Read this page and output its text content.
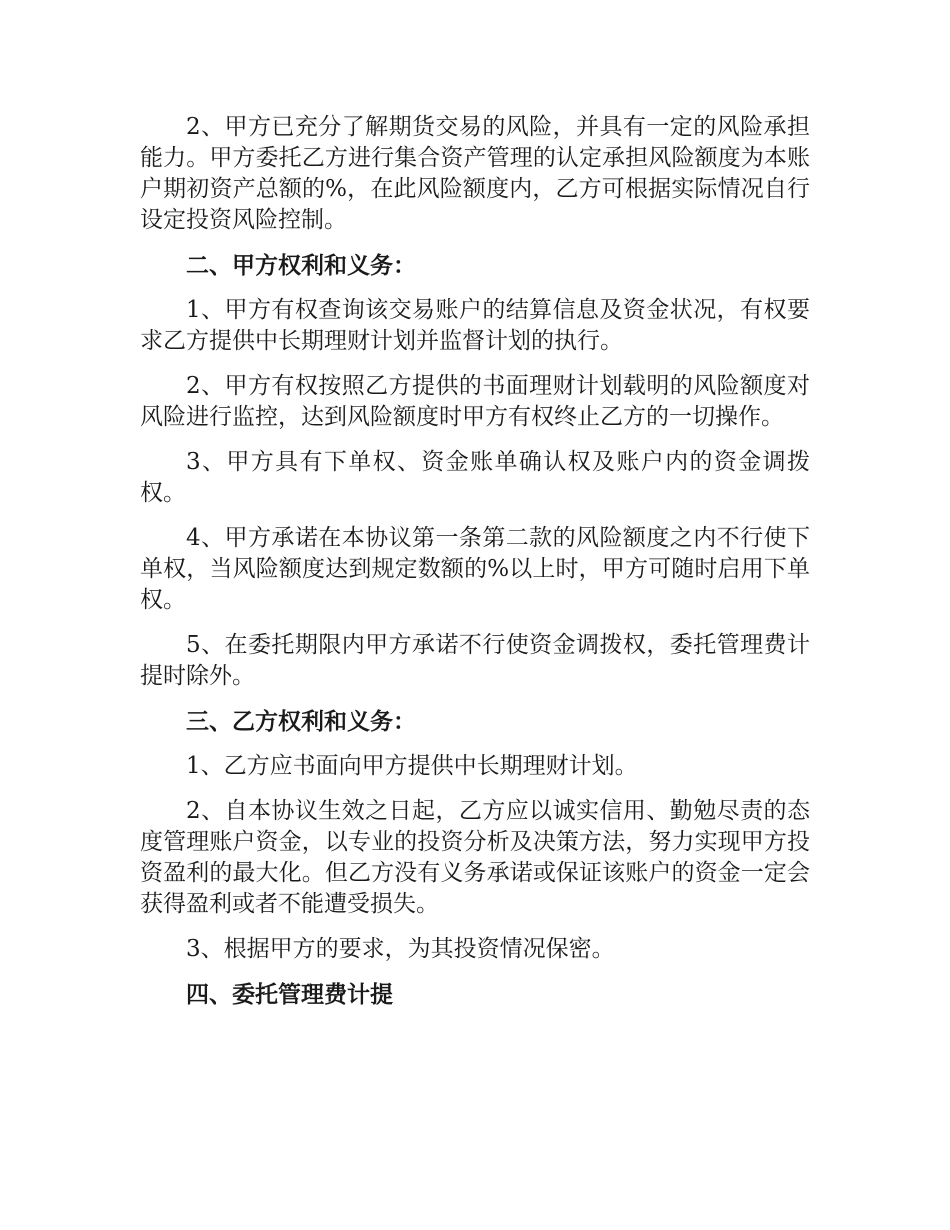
2、甲方已充分了解期货交易的风险，并具有一定的风险承担能力。甲方委托乙方进行集合资产管理的认定承担风险额度为本账户期初资产总额的%，在此风险额度内，乙方可根据实际情况自行设定投资风险控制。

二、甲方权利和义务：

1、甲方有权查询该交易账户的结算信息及资金状况，有权要求乙方提供中长期理财计划并监督计划的执行。

2、甲方有权按照乙方提供的书面理财计划载明的风险额度对风险进行监控，达到风险额度时甲方有权终止乙方的一切操作。

3、甲方具有下单权、资金账单确认权及账户内的资金调拨权。

4、甲方承诺在本协议第一条第二款的风险额度之内不行使下单权，当风险额度达到规定数额的%以上时，甲方可随时启用下单权。

5、在委托期限内甲方承诺不行使资金调拨权，委托管理费计提时除外。

三、乙方权利和义务：

1、乙方应书面向甲方提供中长期理财计划。

2、自本协议生效之日起，乙方应以诚实信用、勤勉尽责的态度管理账户资金，以专业的投资分析及决策方法，努力实现甲方投资盈利的最大化。但乙方没有义务承诺或保证该账户的资金一定会获得盈利或者不能遭受损失。

3、根据甲方的要求，为其投资情况保密。

四、委托管理费计提
